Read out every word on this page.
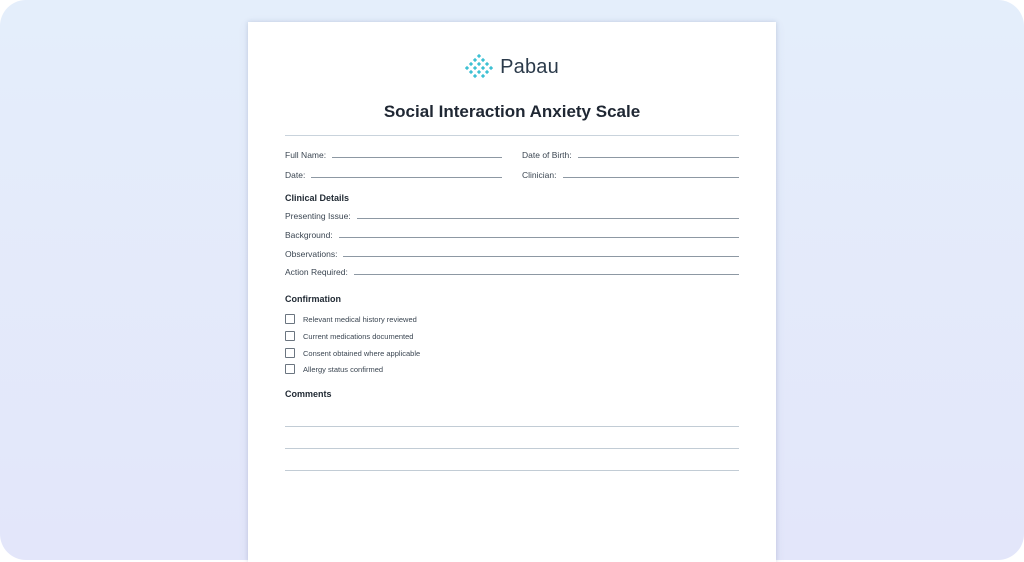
Pabau
Social Interaction Anxiety Scale
Full Name:	Date of Birth:
Date:	Clinician:
Clinical Details
Presenting Issue:
Background:
Observations:
Action Required:
Confirmation
Relevant medical history reviewed
Current medications documented
Consent obtained where applicable
Allergy status confirmed
Comments
